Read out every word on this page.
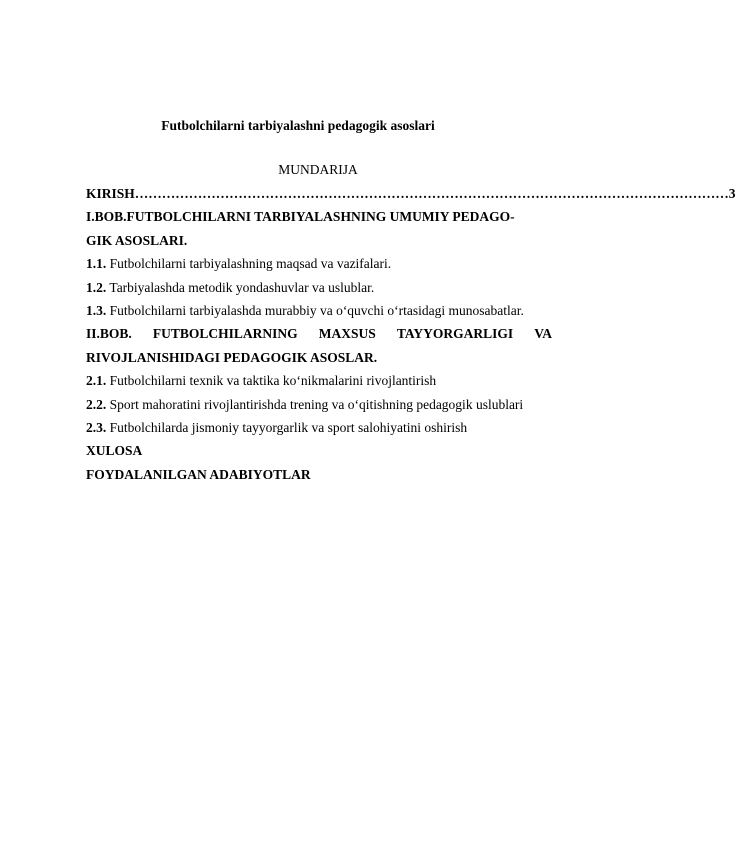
Futbolchilarni tarbiyalashni pedagogik asoslari
MUNDARIJA
KIRISH …………………………………………………………………………………………………………………… 3
I.BOB.FUTBOLCHILARNI TARBIYALASHNING UMUMIY PEDAGO-
GIK ASOSLARI.
1.1. Futbolchilarni tarbiyalashning maqsad va vazifalari.
1.2. Tarbiyalashda metodik yondashuvlar va uslublar.
1.3. Futbolchilarni tarbiyalashda murabbiy va o‘quvchi o‘rtasidagi munosabatlar.
II.BOB. FUTBOLCHILARNING MAXSUS TAYYORGARLIGI VA
RIVOJLANISHIDAGI PEDAGOGIK ASOSLAR.
2.1. Futbolchilarni texnik va taktika ko‘nikmalarini rivojlantirish
2.2. Sport mahoratini rivojlantirishda trening va o‘qitishning pedagogik uslublari
2.3. Futbolchilarda jismoniy tayyorgarlik va sport salohiyatini oshirish
XULOSA
FOYDALANILGAN ADABIYOTLAR
